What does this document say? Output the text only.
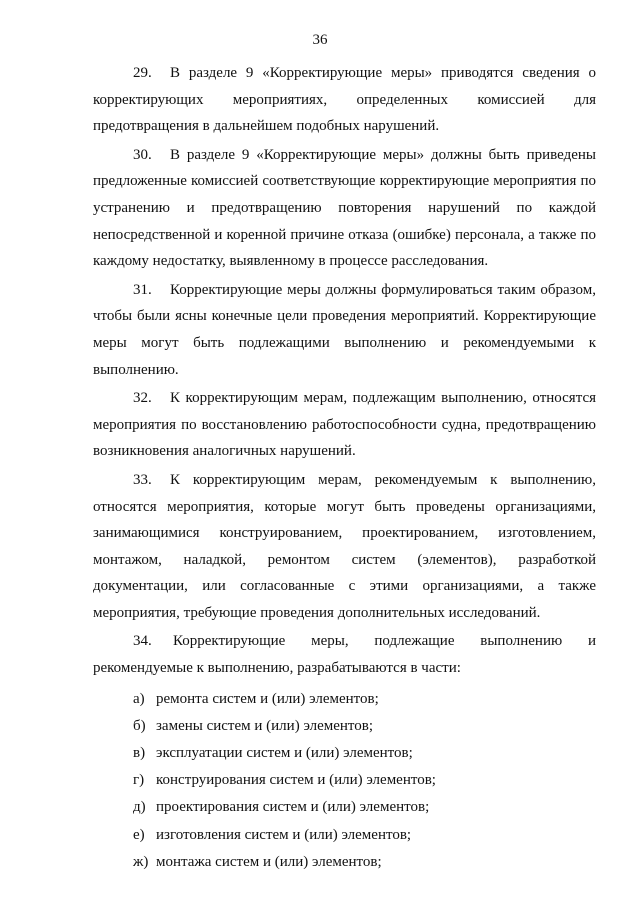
36

29. В разделе 9 «Корректирующие меры» приводятся сведения о корректирующих мероприятиях, определенных комиссией для предотвращения в дальнейшем подобных нарушений.

30. В разделе 9 «Корректирующие меры» должны быть приведены предложенные комиссией соответствующие корректирующие мероприятия по устранению и предотвращению повторения нарушений по каждой непосредственной и коренной причине отказа (ошибке) персонала, а также по каждому недостатку, выявленному в процессе расследования.

31. Корректирующие меры должны формулироваться таким образом, чтобы были ясны конечные цели проведения мероприятий. Корректирующие меры могут быть подлежащими выполнению и рекомендуемыми к выполнению.

32. К корректирующим мерам, подлежащим выполнению, относятся мероприятия по восстановлению работоспособности судна, предотвращению возникновения аналогичных нарушений.

33. К корректирующим мерам, рекомендуемым к выполнению, относятся мероприятия, которые могут быть проведены организациями, занимающимися конструированием, проектированием, изготовлением, монтажом, наладкой, ремонтом систем (элементов), разработкой документации, или согласованные с этими организациями, а также мероприятия, требующие проведения дополнительных исследований.

34. Корректирующие меры, подлежащие выполнению и рекомендуемые к выполнению, разрабатываются в части:

а) ремонта систем и (или) элементов;
б) замены систем и (или) элементов;
в) эксплуатации систем и (или) элементов;
г) конструирования систем и (или) элементов;
д) проектирования систем и (или) элементов;
е) изготовления систем и (или) элементов;
ж) монтажа систем и (или) элементов;
